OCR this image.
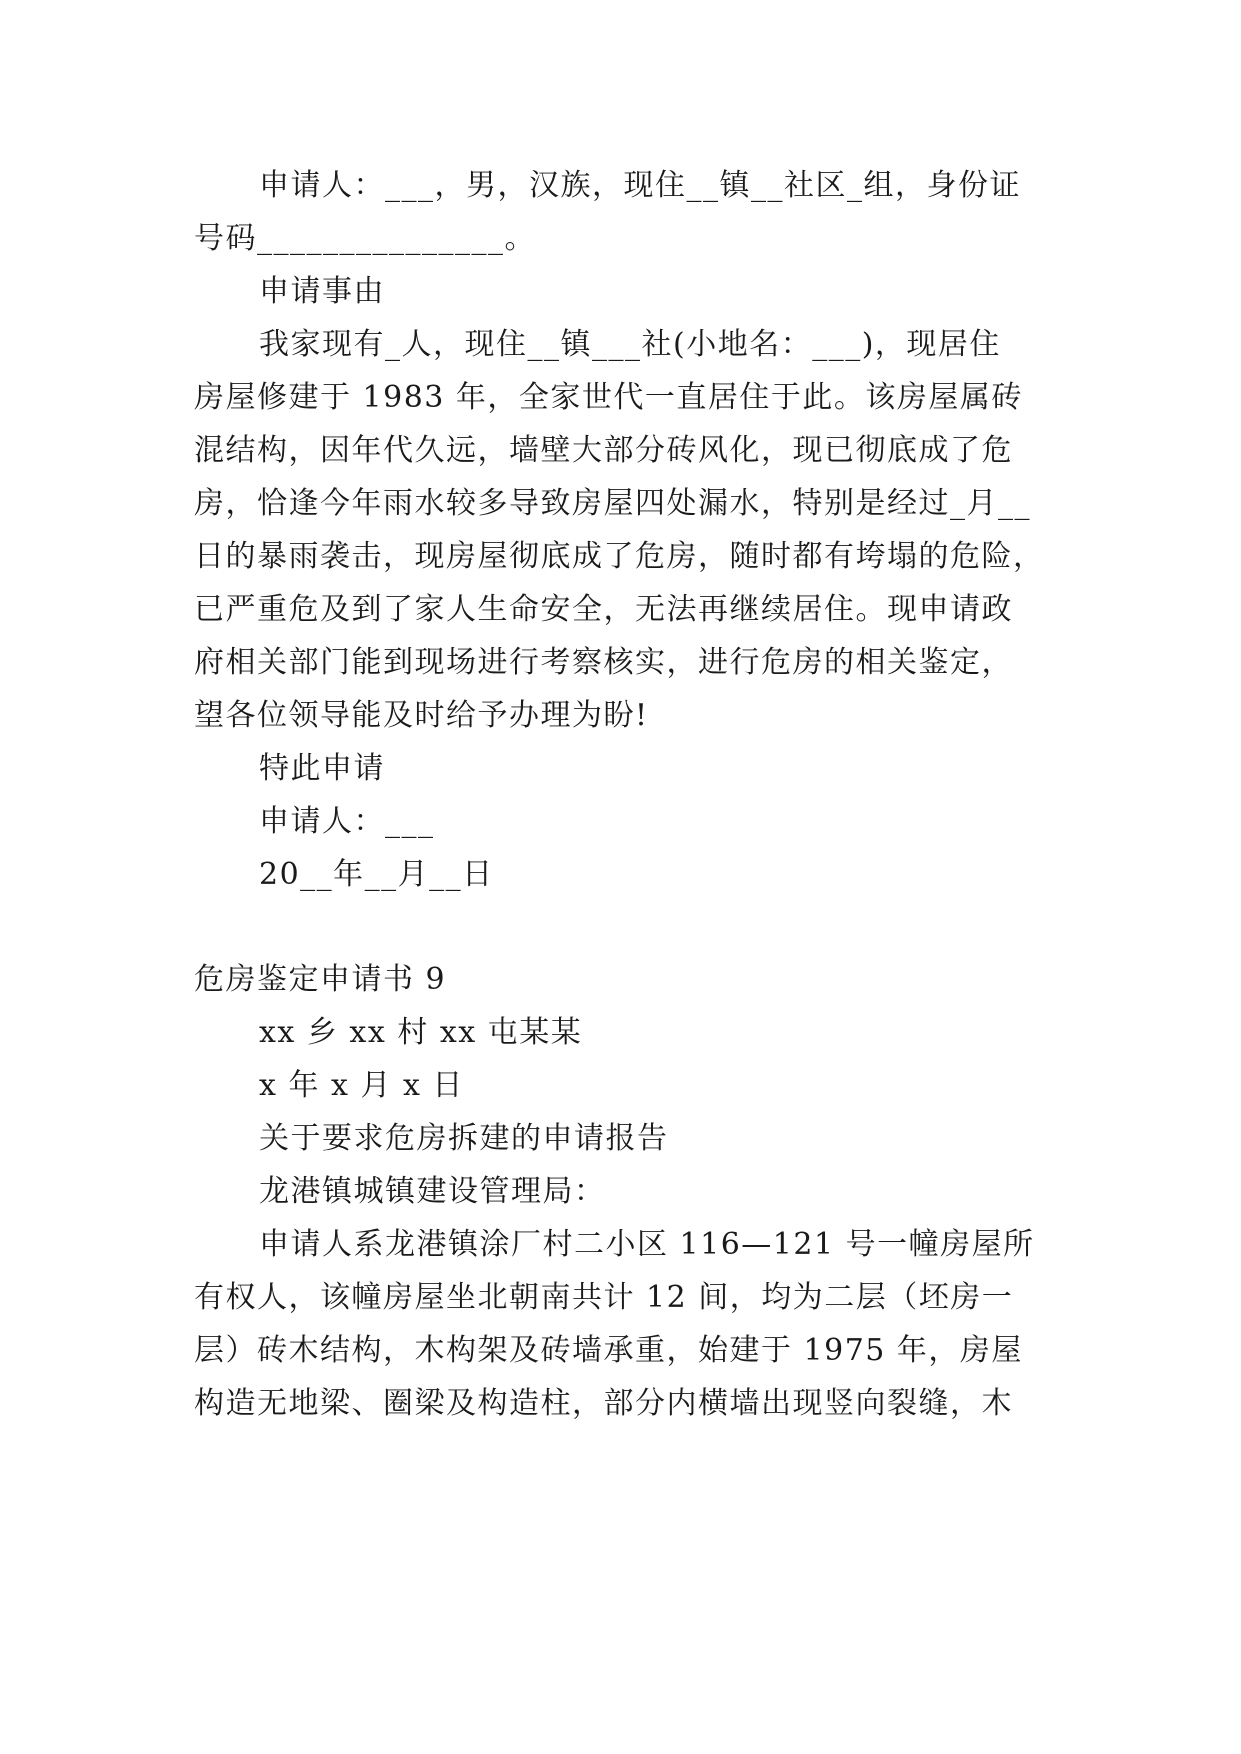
申请人：___，男，汉族，现住__镇__社区_组，身份证
号码_______________。
申请事由
我家现有_人，现住__镇___社(小地名：___)，现居住
房屋修建于 1983 年，全家世代一直居住于此。该房屋属砖
混结构，因年代久远，墙壁大部分砖风化，现已彻底成了危
房，恰逢今年雨水较多导致房屋四处漏水，特别是经过_月__
日的暴雨袭击，现房屋彻底成了危房，随时都有垮塌的危险，
已严重危及到了家人生命安全，无法再继续居住。现申请政
府相关部门能到现场进行考察核实，进行危房的相关鉴定，
望各位领导能及时给予办理为盼!
特此申请
申请人：___
20__年__月__日
危房鉴定申请书 9
xx 乡 xx 村 xx 屯某某
x 年 x 月 x 日
关于要求危房拆建的申请报告
龙港镇城镇建设管理局：
申请人系龙港镇涂厂村二小区 116—121 号一幢房屋所
有权人，该幢房屋坐北朝南共计 12 间，均为二层（坯房一
层）砖木结构，木构架及砖墙承重，始建于 1975 年，房屋
构造无地梁、圈梁及构造柱，部分内横墙出现竖向裂缝，木
